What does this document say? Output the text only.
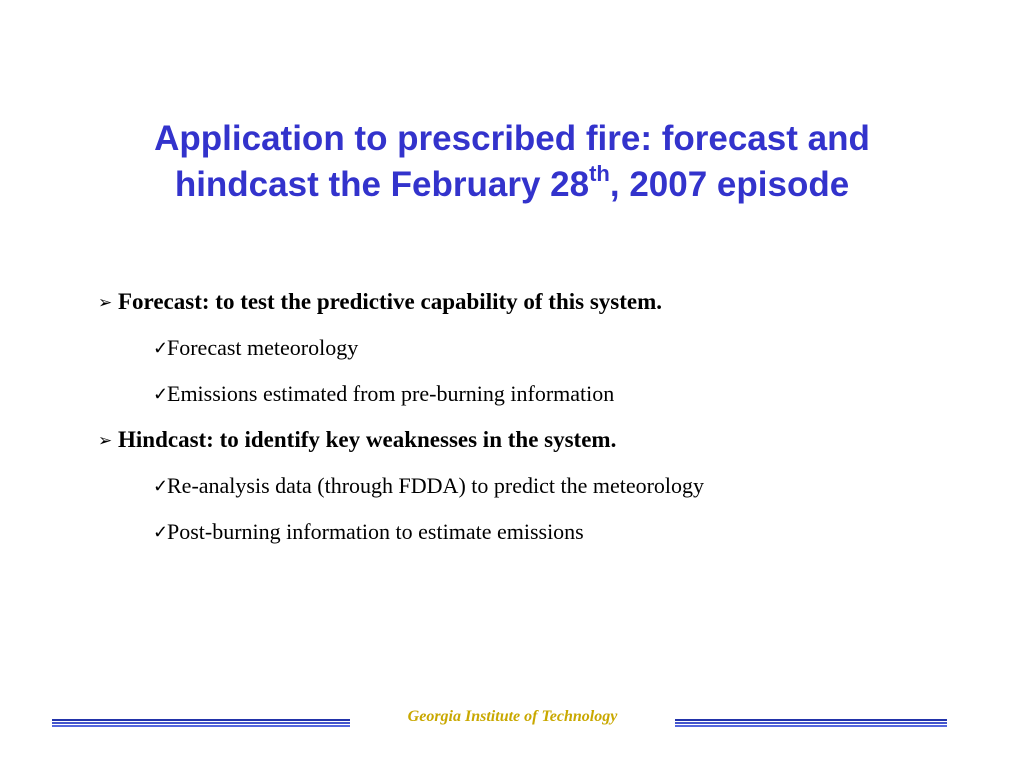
Application to prescribed fire: forecast and
hindcast the February 28th, 2007 episode
➢ Forecast: to test the predictive capability of this system.
✓Forecast meteorology
✓Emissions estimated from pre-burning information
➢ Hindcast: to identify key weaknesses in the system.
✓Re-analysis data (through FDDA) to predict the meteorology
✓Post-burning information to estimate emissions
Georgia Institute of Technology
